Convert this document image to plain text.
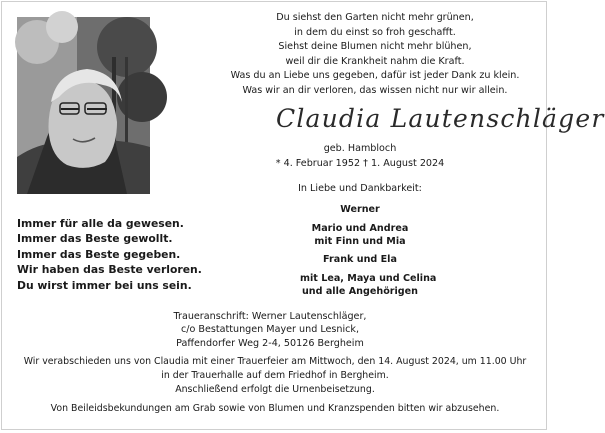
Du siehst den Garten nicht mehr grünen,
in dem du einst so froh geschafft.
Siehst deine Blumen nicht mehr blühen,
weil dir die Krankheit nahm die Kraft.
Was du an Liebe uns gegeben, dafür ist jeder Dank zu klein.
Was wir an dir verloren, das wissen nicht nur wir allein.
Claudia Lautenschläger
geb. Hambloch
* 4. Februar 1952 † 1. August 2024
In Liebe und Dankbarkeit:
Werner
Mario und Andrea
mit Finn und Mia
Frank und Ela
mit Lea, Maya und Celina
und alle Angehörigen
Immer für alle da gewesen.
Immer das Beste gewollt.
Immer das Beste gegeben.
Wir haben das Beste verloren.
Du wirst immer bei uns sein.
Traueranschrift: Werner Lautenschläger,
c/o Bestattungen Mayer und Lesnick,
Paffendorfer Weg 2-4, 50126 Bergheim
Wir verabschieden uns von Claudia mit einer Trauerfeier am Mittwoch, den 14. August 2024, um 11.00 Uhr
in der Trauerhalle auf dem Friedhof in Bergheim.
Anschließend erfolgt die Urnenbeisetzung.
Von Beileidsbekundungen am Grab sowie von Blumen und Kranzspenden bitten wir abzusehen.
